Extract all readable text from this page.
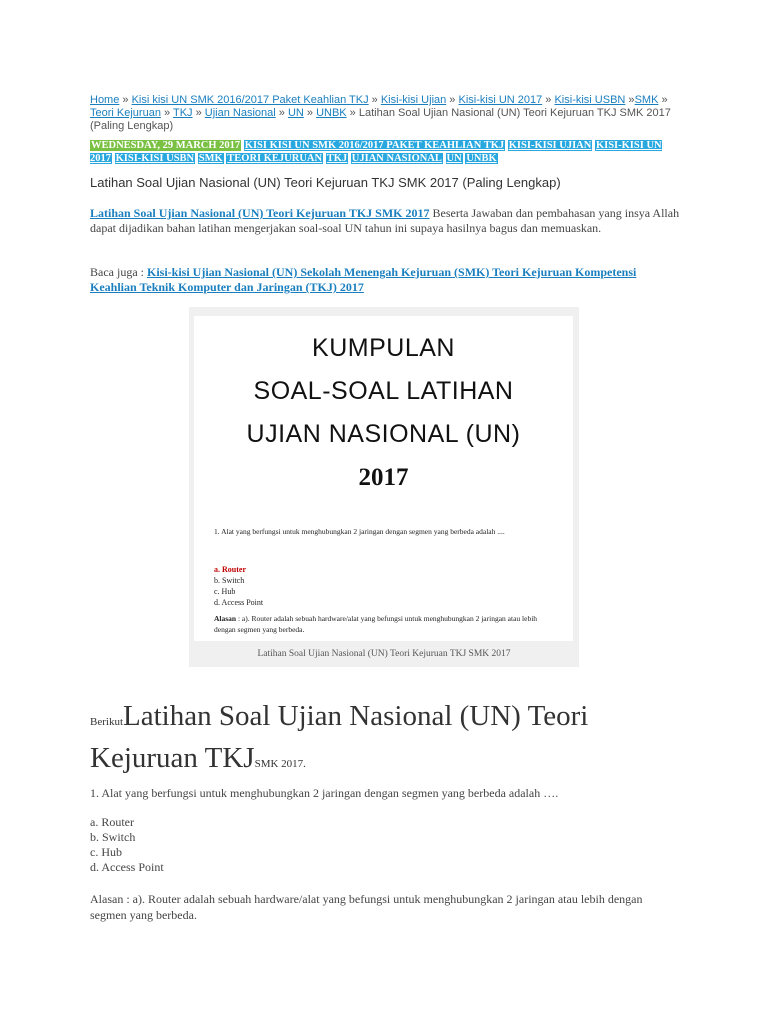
Home » Kisi kisi UN SMK 2016/2017 Paket Keahlian TKJ » Kisi-kisi Ujian » Kisi-kisi UN 2017 » Kisi-kisi USBN »SMK » Teori Kejuruan » TKJ » Ujian Nasional » UN » UNBK » Latihan Soal Ujian Nasional (UN) Teori Kejuruan TKJ SMK 2017 (Paling Lengkap)
WEDNESDAY, 29 MARCH 2017 KISI KISI UN SMK 2016/2017 PAKET KEAHLIAN TKJ KISI-KISI UJIAN KISI-KISI UN 2017 KISI-KISI USBN SMK TEORI KEJURUAN TKJ UJIAN NASIONAL UN UNBK
Latihan Soal Ujian Nasional (UN) Teori Kejuruan TKJ SMK 2017 (Paling Lengkap)
Latihan Soal Ujian Nasional (UN) Teori Kejuruan TKJ SMK 2017 Beserta Jawaban dan pembahasan yang insya Allah dapat dijadikan bahan latihan mengerjakan soal-soal UN tahun ini supaya hasilnya bagus dan memuaskan.
Baca juga : Kisi-kisi Ujian Nasional (UN) Sekolah Menengah Kejuruan (SMK) Teori Kejuruan Kompetensi Keahlian Teknik Komputer dan Jaringan (TKJ) 2017
KUMPULAN
SOAL-SOAL LATIHAN
UJIAN NASIONAL (UN)
2017
1. Alat yang berfungsi untuk menghubungkan 2 jaringan dengan segmen yang berbeda adalah ....
a. Router
b. Switch
c. Hub
d. Access Point
Alasan : a). Router adalah sebuah hardware/alat yang befungsi untuk menghubungkan 2 jaringan atau lebih dengan segmen yang berbeda.
Latihan Soal Ujian Nasional (UN) Teori Kejuruan TKJ SMK 2017
BerikutLatihan Soal Ujian Nasional (UN) Teori Kejuruan TKJSMK 2017.
1. Alat yang berfungsi untuk menghubungkan 2 jaringan dengan segmen yang berbeda adalah ….
a. Router
b. Switch
c. Hub
d. Access Point
Alasan : a). Router adalah sebuah hardware/alat yang befungsi untuk menghubungkan 2 jaringan atau lebih dengan segmen yang berbeda.
